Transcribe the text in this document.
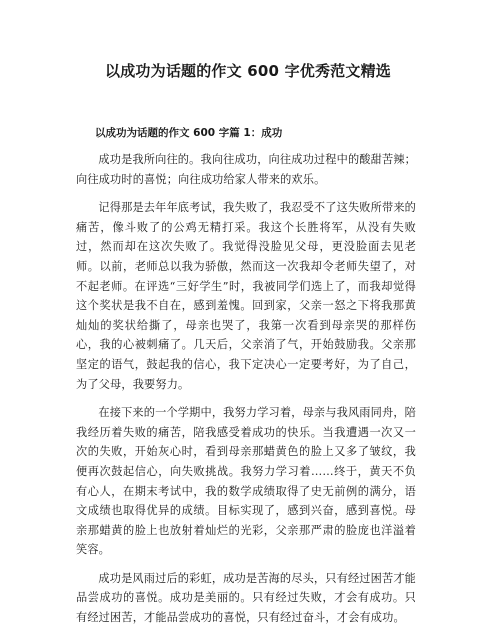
以成功为话题的作文 600 字优秀范文精选
以成功为话题的作文 600 字篇 1：成功

成功是我所向往的。我向往成功，向往成功过程中的酸甜苦辣；向往成功时的喜悦；向往成功给家人带来的欢乐。

记得那是去年年底考试，我失败了，我忍受不了这失败所带来的痛苦，像斗败了的公鸡无精打采。我这个长胜将军，从没有失败过，然而却在这次失败了。我觉得没脸见父母，更没脸面去见老师。以前，老师总以我为骄傲，然而这一次我却令老师失望了，对不起老师。在评选“三好学生”时，我被同学们选上了，而我却觉得这个奖状是我不自在，感到羞愧。回到家，父亲一怒之下将我那黄灿灿的奖状给撕了，母亲也哭了，我第一次看到母亲哭的那样伤心，我的心被刺痛了。几天后，父亲消了气，开始鼓励我。父亲那坚定的语气，鼓起我的信心，我下定决心一定要考好，为了自己，为了父母，我要努力。

在接下来的一个学期中，我努力学习着，母亲与我风雨同舟，陪我经历着失败的痛苦，陪我感受着成功的快乐。当我遭遇一次又一次的失败，开始灰心时，看到母亲那蜡黄色的脸上又多了皱纹，我便再次鼓起信心，向失败挑战。我努力学习着……终于，黄天不负有心人，在期末考试中，我的数学成绩取得了史无前例的满分，语文成绩也取得优异的成绩。目标实现了，感到兴奋，感到喜悦。母亲那蜡黄的脸上也放射着灿烂的光彩，父亲那严肃的脸庞也洋溢着笑容。

成功是风雨过后的彩虹，成功是苦海的尽头，只有经过困苦才能品尝成功的喜悦。成功是美丽的。只有经过失败，才会有成功。只有经过困苦，才能品尝成功的喜悦，只有经过奋斗，才会有成功。
